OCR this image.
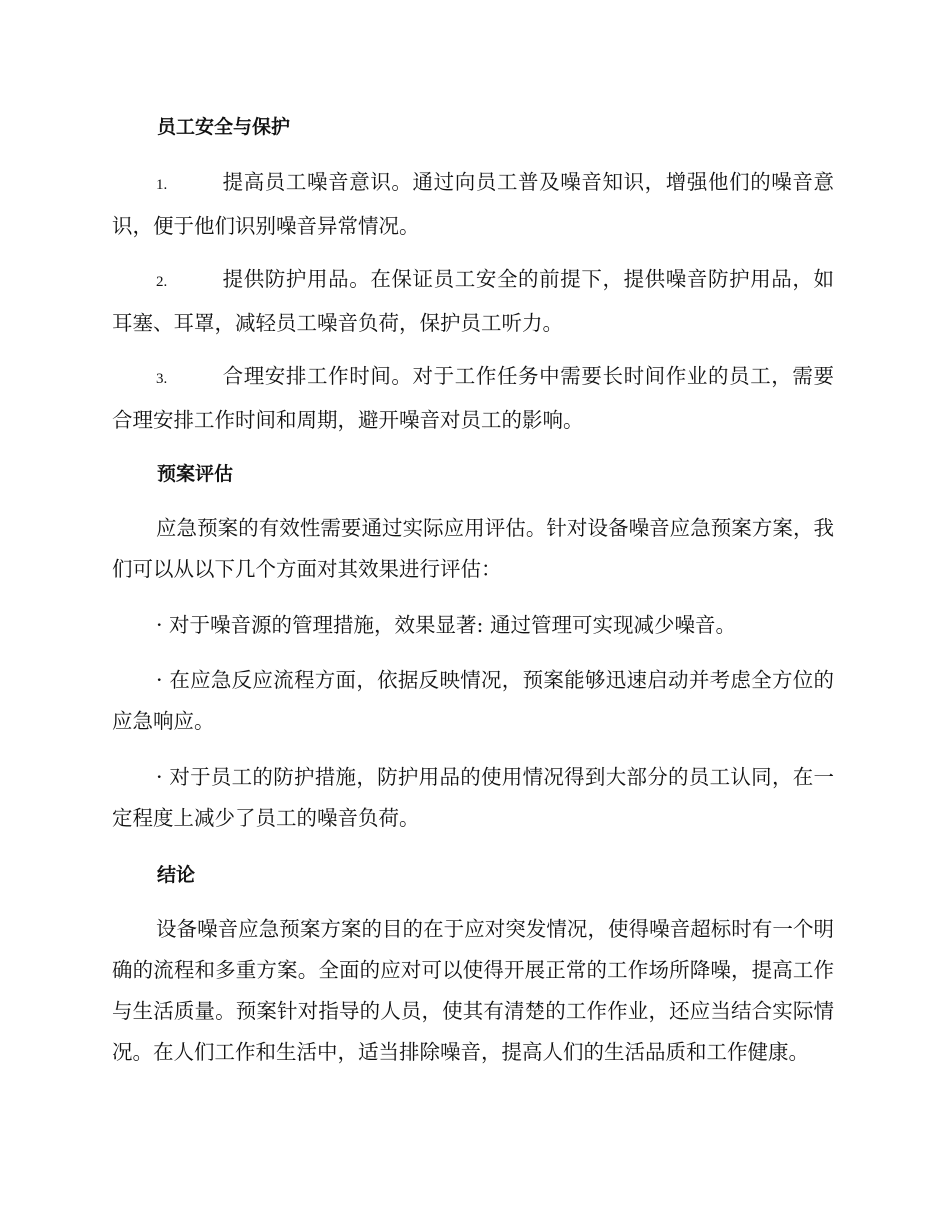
员工安全与保护
1.	提高员工噪音意识。通过向员工普及噪音知识，增强他们的噪音意识，便于他们识别噪音异常情况。
2.	提供防护用品。在保证员工安全的前提下，提供噪音防护用品，如耳塞、耳罩，减轻员工噪音负荷，保护员工听力。
3.	合理安排工作时间。对于工作任务中需要长时间作业的员工，需要合理安排工作时间和周期，避开噪音对员工的影响。
预案评估
应急预案的有效性需要通过实际应用评估。针对设备噪音应急预案方案，我们可以从以下几个方面对其效果进行评估：
· 对于噪音源的管理措施，效果显著: 通过管理可实现减少噪音。
· 在应急反应流程方面，依据反映情况，预案能够迅速启动并考虑全方位的应急响应。
· 对于员工的防护措施，防护用品的使用情况得到大部分的员工认同，在一定程度上减少了员工的噪音负荷。
结论
设备噪音应急预案方案的目的在于应对突发情况，使得噪音超标时有一个明确的流程和多重方案。全面的应对可以使得开展正常的工作场所降噪，提高工作与生活质量。预案针对指导的人员，使其有清楚的工作作业，还应当结合实际情况。在人们工作和生活中，适当排除噪音，提高人们的生活品质和工作健康。
